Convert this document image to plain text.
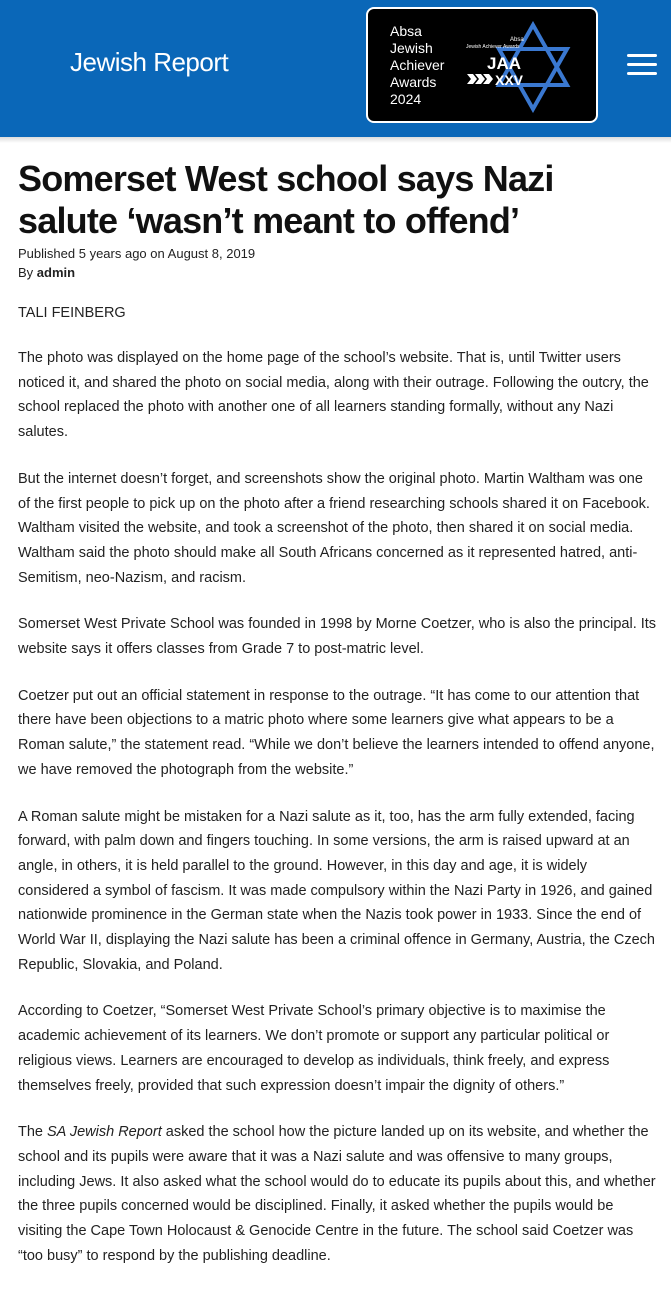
Jewish Report
Absa
Jewish
Achiever
Awards
2024
Absa
Jewish Achiever Awards
JAA
XXV
Somerset West school says Nazi salute ‘wasn’t meant to offend’
Published 5 years ago on August 8, 2019
By admin

TALI FEINBERG

The photo was displayed on the home page of the school’s website. That is, until Twitter users noticed it, and shared the photo on social media, along with their outrage. Following the outcry, the school replaced the photo with another one of all learners standing formally, without any Nazi salutes.

But the internet doesn’t forget, and screenshots show the original photo. Martin Waltham was one of the first people to pick up on the photo after a friend researching schools shared it on Facebook. Waltham visited the website, and took a screenshot of the photo, then shared it on social media. Waltham said the photo should make all South Africans concerned as it represented hatred, anti-Semitism, neo-Nazism, and racism.

Somerset West Private School was founded in 1998 by Morne Coetzer, who is also the principal. Its website says it offers classes from Grade 7 to post-matric level.

Coetzer put out an official statement in response to the outrage. “It has come to our attention that there have been objections to a matric photo where some learners give what appears to be a Roman salute,” the statement read. “While we don’t believe the learners intended to offend anyone, we have removed the photograph from the website.”

A Roman salute might be mistaken for a Nazi salute as it, too, has the arm fully extended, facing forward, with palm down and fingers touching. In some versions, the arm is raised upward at an angle, in others, it is held parallel to the ground. However, in this day and age, it is widely considered a symbol of fascism. It was made compulsory within the Nazi Party in 1926, and gained nationwide prominence in the German state when the Nazis took power in 1933. Since the end of World War II, displaying the Nazi salute has been a criminal offence in Germany, Austria, the Czech Republic, Slovakia, and Poland.

According to Coetzer, “Somerset West Private School’s primary objective is to maximise the academic achievement of its learners. We don’t promote or support any particular political or religious views. Learners are encouraged to develop as individuals, think freely, and express themselves freely, provided that such expression doesn’t impair the dignity of others.”

The SA Jewish Report asked the school how the picture landed up on its website, and whether the school and its pupils were aware that it was a Nazi salute and was offensive to many groups, including Jews. It also asked what the school would do to educate its pupils about this, and whether the three pupils concerned would be disciplined. Finally, it asked whether the pupils would be visiting the Cape Town Holocaust & Genocide Centre in the future. The school said Coetzer was “too busy” to respond by the publishing deadline.
